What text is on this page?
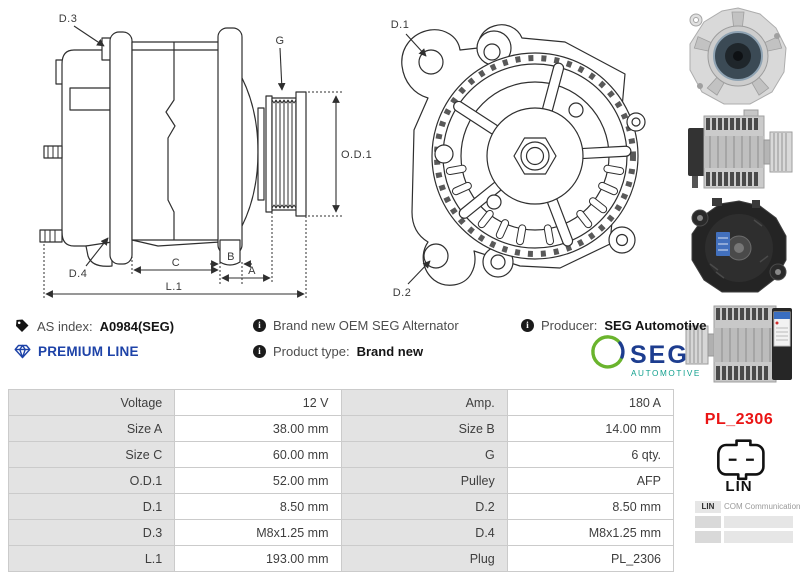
D.3
G
O.D.1
D.4
C	B
A
L.1
D.1
D.2
AS index: A0984(SEG)
PREMIUM LINE
i Brand new OEM SEG Alternator
i Product type: Brand new
i Producer: SEG Automotive
SEG
AUTOMOTIVE
Voltage	12 V	Amp.	180 A
Size A	38.00 mm	Size B	14.00 mm
Size C	60.00 mm	G	6 qty.
O.D.1	52.00 mm	Pulley	AFP
D.1	8.50 mm	D.2	8.50 mm
D.3	M8x1.25 mm	D.4	M8x1.25 mm
L.1	193.00 mm	Plug	PL_2306
PL_2306
LIN
LIN	COM Communication
